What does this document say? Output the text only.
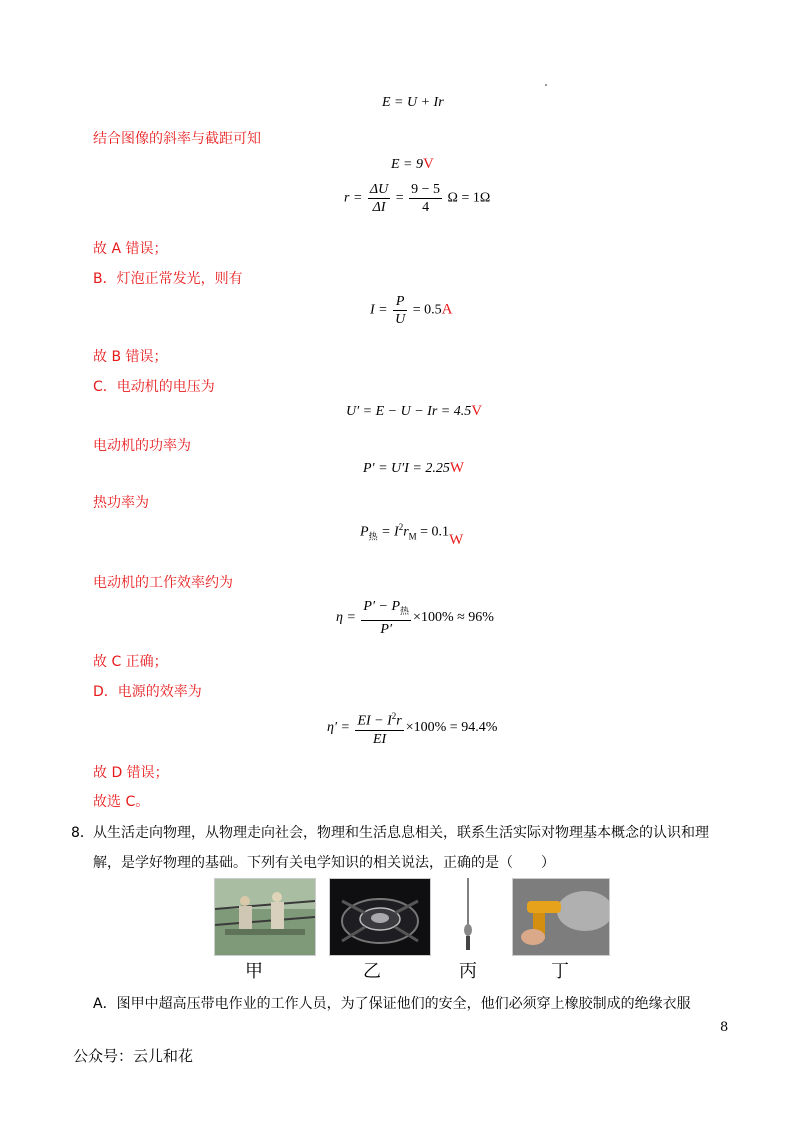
E = U + Ir
结合图像的斜率与截距可知
E = 9V
$r = \frac{\Delta U}{\Delta I} = \frac{9 - 5}{4}$ Ω = 1Ω
故 A 错误；
B．灯泡正常发光，则有
$I = \frac{P}{U} = 0.5A$
故 B 错误；
C．电动机的电压为
U′ = E − U − Ir = 4.5V
电动机的功率为
P′ = U′I = 2.25W
热功率为
$P_热 = I^2r_M = 0.1W$
电动机的工作效率约为
$\eta = \frac{P' - P_热}{P'} \times 100\% \approx 96\%$
故 C 正确；
D．电源的效率为
$\eta' = \frac{EI - I^2r}{EI} \times 100\% = 94.4\%$
故 D 错误；
故选 C。
8． 从生活走向物理，从物理走向社会，物理和生活息息相关，联系生活实际对物理基本概念的认识和理
解，是学好物理的基础。下列有关电学知识的相关说法，正确的是（　　）
甲	乙	丙	丁
A．图甲中超高压带电作业的工作人员，为了保证他们的安全，他们必须穿上橡胶制成的绝缘衣服
8
公众号：云儿和花
